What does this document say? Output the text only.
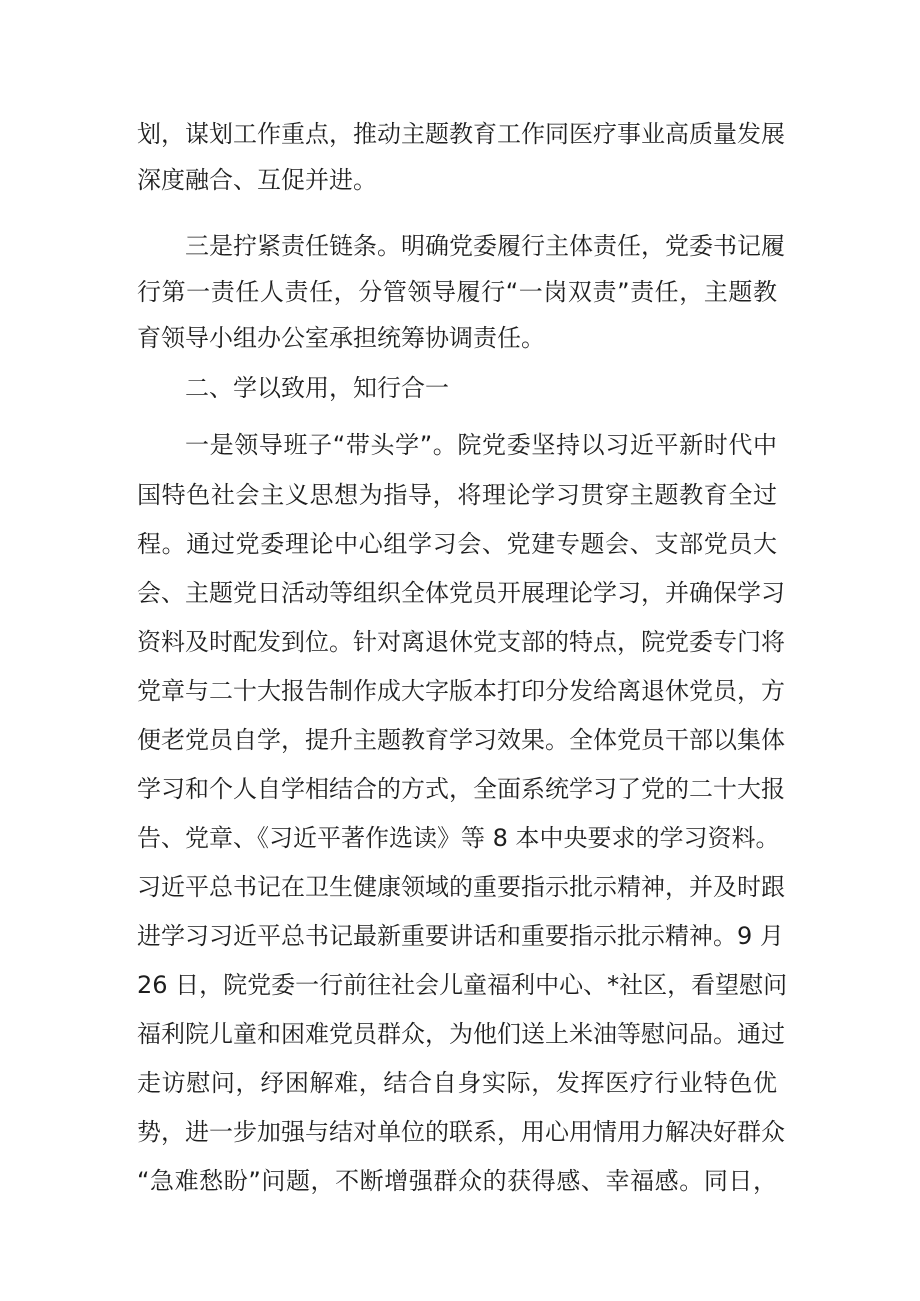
划，谋划工作重点，推动主题教育工作同医疗事业高质量发展
深度融合、互促并进。
三是拧紧责任链条。明确党委履行主体责任，党委书记履
行第一责任人责任，分管领导履行“一岗双责”责任，主题教
育领导小组办公室承担统筹协调责任。
二、学以致用，知行合一
一是领导班子“带头学”。院党委坚持以习近平新时代中
国特色社会主义思想为指导，将理论学习贯穿主题教育全过
程。通过党委理论中心组学习会、党建专题会、支部党员大
会、主题党日活动等组织全体党员开展理论学习，并确保学习
资料及时配发到位。针对离退休党支部的特点，院党委专门将
党章与二十大报告制作成大字版本打印分发给离退休党员，方
便老党员自学，提升主题教育学习效果。全体党员干部以集体
学习和个人自学相结合的方式，全面系统学习了党的二十大报
告、党章、《习近平著作选读》等 8 本中央要求的学习资料。
习近平总书记在卫生健康领域的重要指示批示精神，并及时跟
进学习习近平总书记最新重要讲话和重要指示批示精神。9 月
26 日，院党委一行前往社会儿童福利中心、*社区，看望慰问
福利院儿童和困难党员群众，为他们送上米油等慰问品。通过
走访慰问，纾困解难，结合自身实际，发挥医疗行业特色优
势，进一步加强与结对单位的联系，用心用情用力解决好群众
“急难愁盼”问题，不断增强群众的获得感、幸福感。同日，
